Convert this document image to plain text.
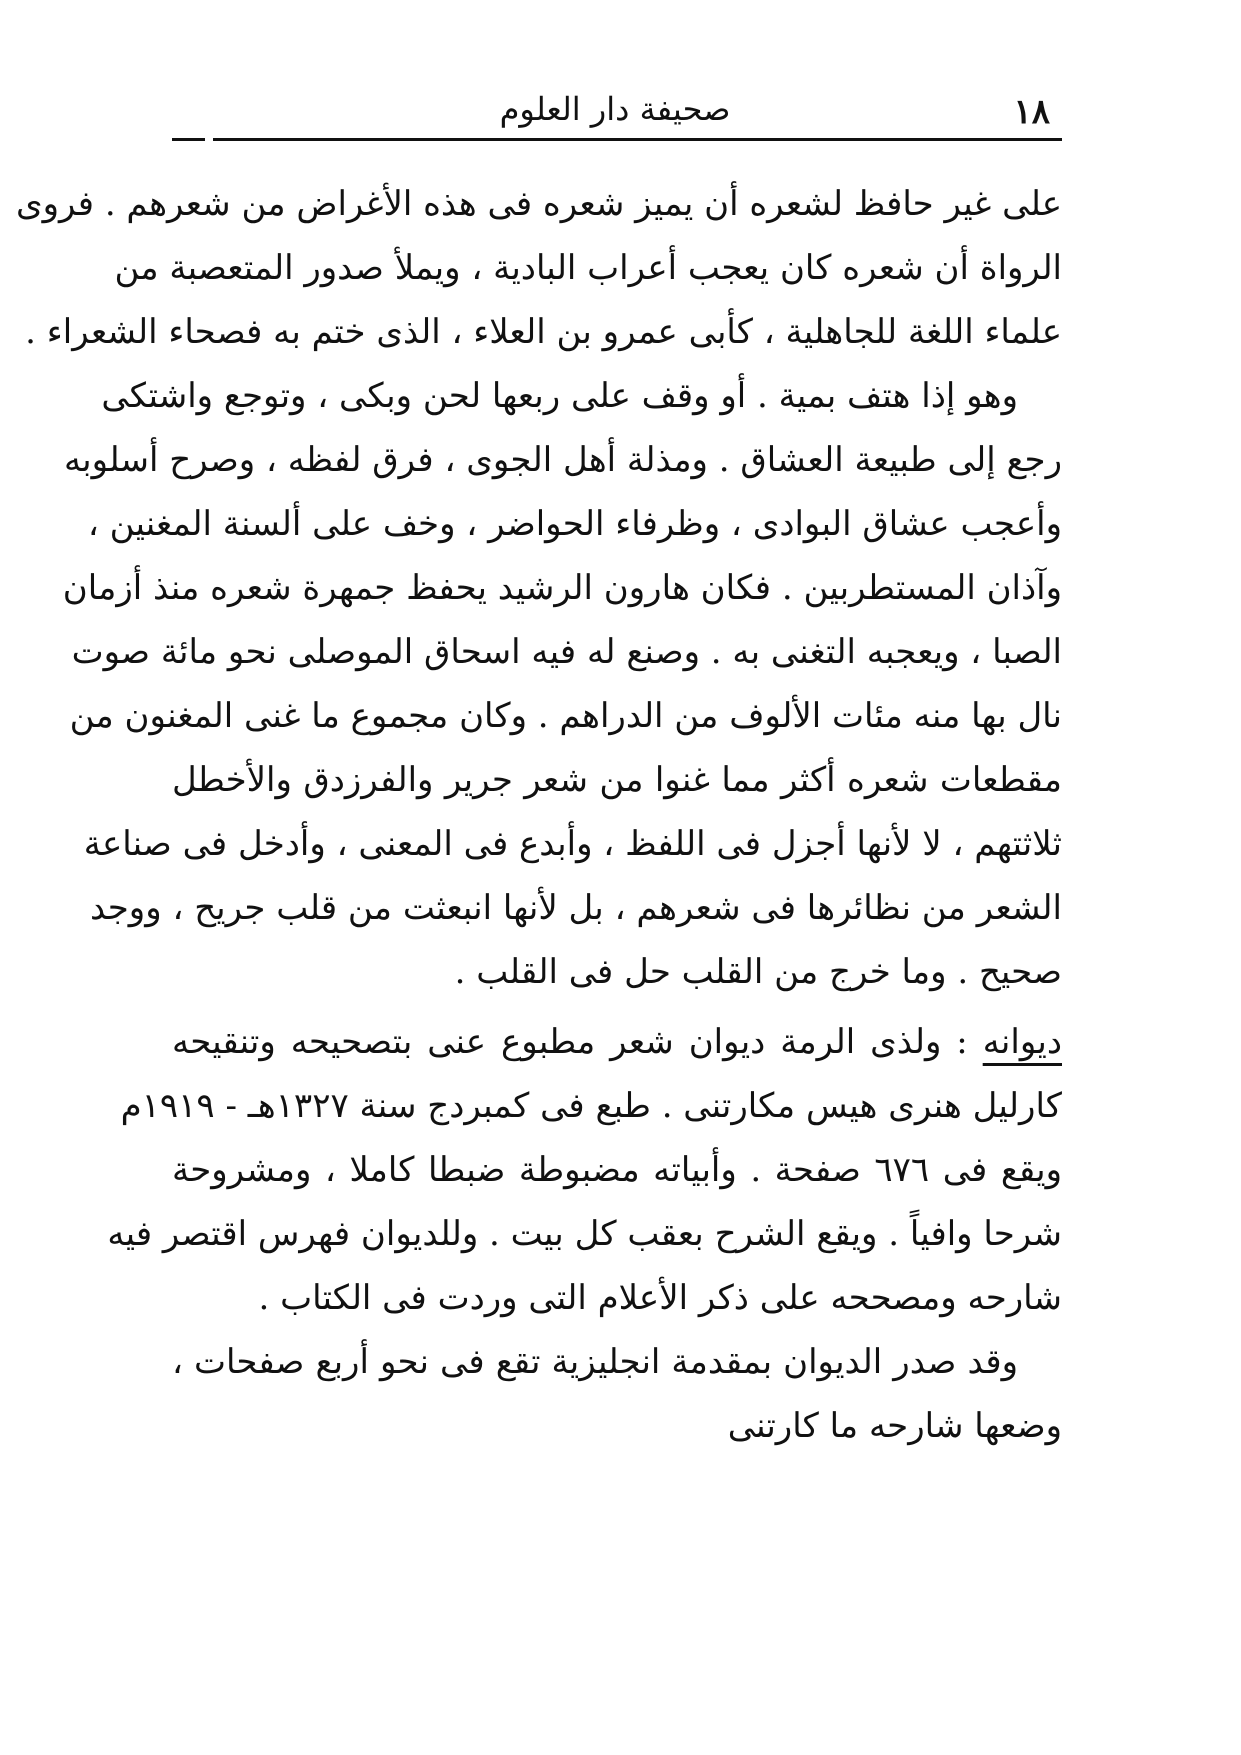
١٨
صحيفة دار العلوم
على غير حافظ لشعره أن يميز شعره فى هذه الأغراض من شعرهم . فروى
الرواة أن شعره كان يعجب أعراب البادية ، ويملأ صدور المتعصبة من
علماء اللغة للجاهلية ، كأبى عمرو بن العلاء ، الذى ختم به فصحاء الشعراء .
وهو إذا هتف بمية . أو وقف على ربعها لحن وبكى ، وتوجع واشتكى
رجع إلى طبيعة العشاق . ومذلة أهل الجوى ، فرق لفظه ، وصرح أسلوبه
وأعجب عشاق البوادى ، وظرفاء الحواضر ، وخف على ألسنة المغنين ،
وآذان المستطربين . فكان هارون الرشيد يحفظ جمهرة شعره منذ أزمان
الصبا ، ويعجبه التغنى به . وصنع له فيه اسحاق الموصلى نحو مائة صوت
نال بها منه مئات الألوف من الدراهم . وكان مجموع ما غنى المغنون من
مقطعات شعره أكثر مما غنوا من شعر جرير والفرزدق والأخطل
ثلاثتهم ، لا لأنها أجزل فى اللفظ ، وأبدع فى المعنى ، وأدخل فى صناعة
الشعر من نظائرها فى شعرهم ، بل لأنها انبعثت من قلب جريح ، ووجد
صحيح . وما خرج من القلب حل فى القلب .
ديوانه : ولذى الرمة ديوان شعر مطبوع عنى بتصحيحه وتنقيحه
كارليل هنرى هيس مكارتنى . طبع فى كمبردج سنة ١٣٢٧هـ - ١٩١٩م
ويقع فى ٦٧٦ صفحة . وأبياته مضبوطة ضبطا كاملا ، ومشروحة
شرحا وافياً . ويقع الشرح بعقب كل بيت . وللديوان فهرس اقتصر فيه
شارحه ومصححه على ذكر الأعلام التى وردت فى الكتاب .
وقد صدر الديوان بمقدمة انجليزية تقع فى نحو أربع صفحات ،
وضعها شارحه ما كارتنى
